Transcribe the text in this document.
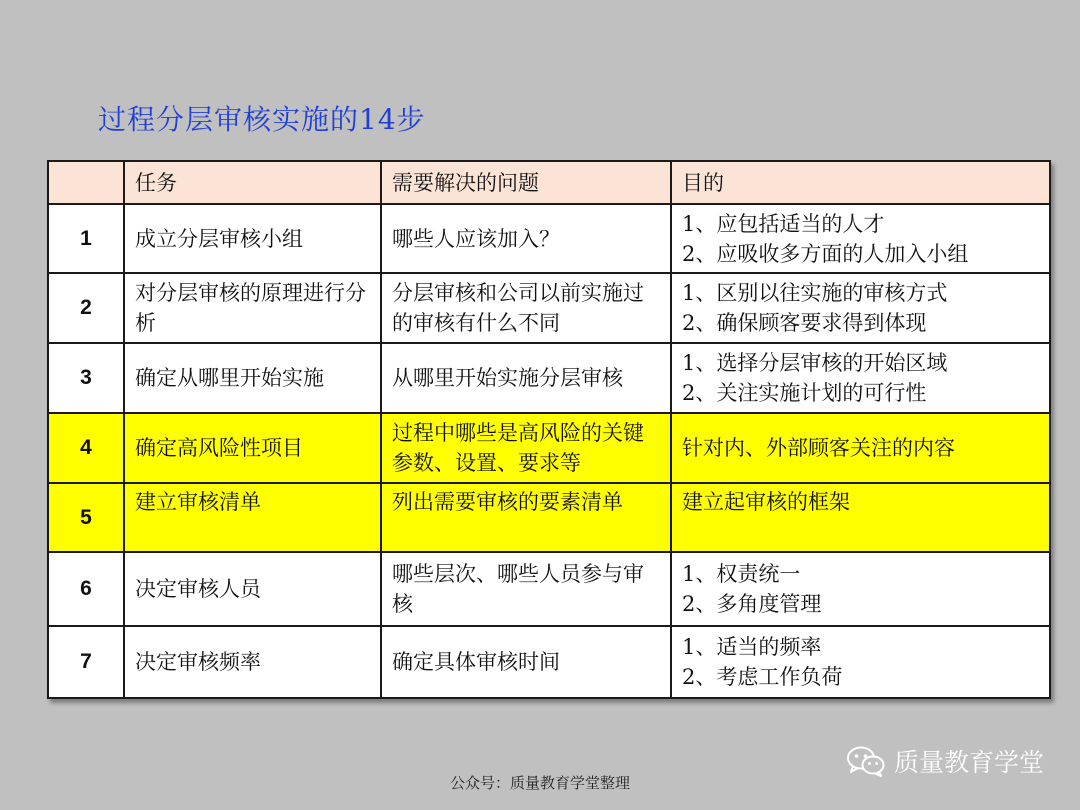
过程分层审核实施的14步
	任务	需要解决的问题	目的
1	成立分层审核小组	哪些人应该加入？	1、应包括适当的人才
2、应吸收多方面的人加入小组

2	对分层审核的原理进行分析	分层审核和公司以前实施过的审核有什么不同	1、区别以往实施的审核方式
2、确保顾客要求得到体现

3	确定从哪里开始实施	从哪里开始实施分层审核	1、选择分层审核的开始区域
2、关注实施计划的可行性

4	确定高风险性项目	过程中哪些是高风险的关键参数、设置、要求等	针对内、外部顾客关注的内容

5	建立审核清单	列出需要审核的要素清单	建立起审核的框架

6	决定审核人员	哪些层次、哪些人员参与审核	1、权责统一
2、多角度管理

7	决定审核频率	确定具体审核时间	1、适当的频率
2、考虑工作负荷
质量教育学堂
公众号：质量教育学堂整理
